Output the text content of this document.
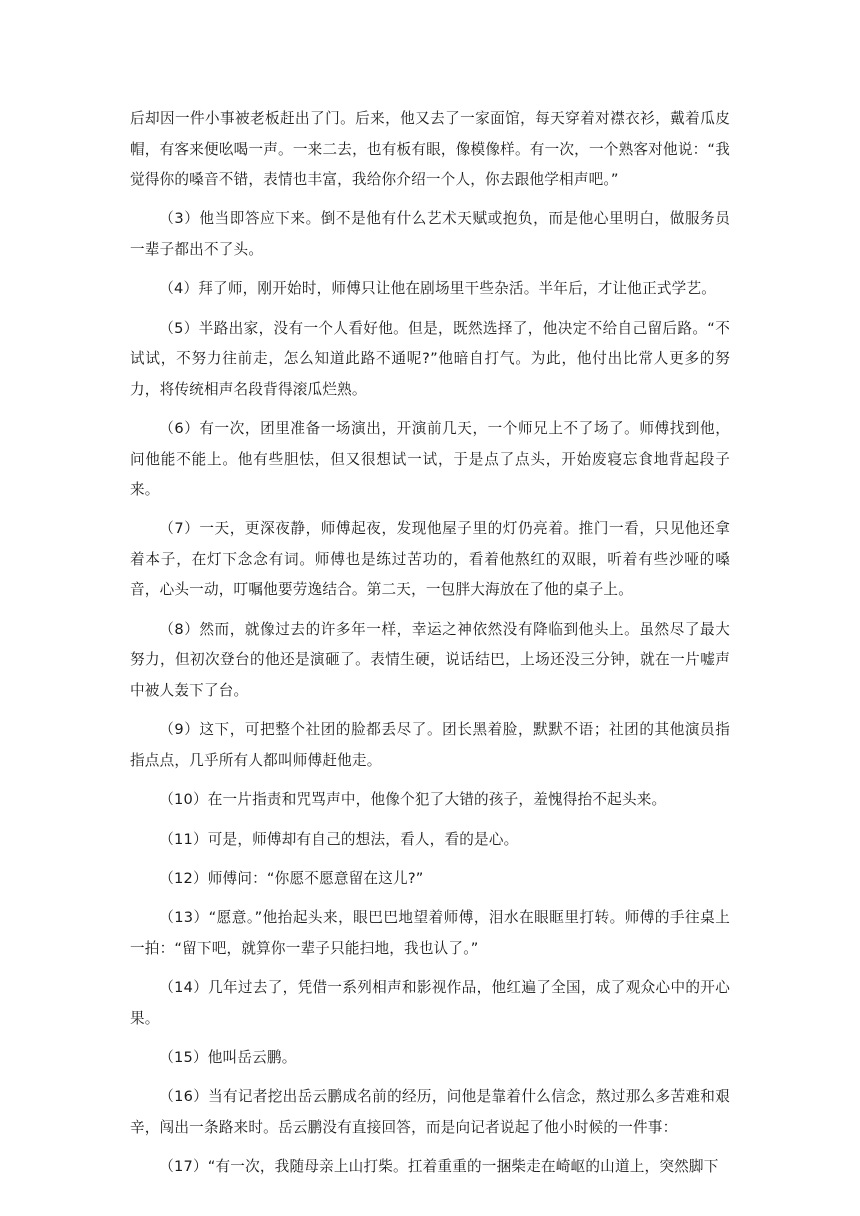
后却因一件小事被老板赶出了门。后来，他又去了一家面馆，每天穿着对襟衣衫，戴着瓜皮帽，有客来便吆喝一声。一来二去，也有板有眼，像模像样。有一次，一个熟客对他说：“我觉得你的嗓音不错，表情也丰富，我给你介绍一个人，你去跟他学相声吧。”

（3）他当即答应下来。倒不是他有什么艺术天赋或抱负，而是他心里明白，做服务员一辈子都出不了头。

（4）拜了师，刚开始时，师傅只让他在剧场里干些杂活。半年后，才让他正式学艺。

（5）半路出家，没有一个人看好他。但是，既然选择了，他决定不给自己留后路。“不试试，不努力往前走，怎么知道此路不通呢?”他暗自打气。为此，他付出比常人更多的努力，将传统相声名段背得滚瓜烂熟。

（6）有一次，团里准备一场演出，开演前几天，一个师兄上不了场了。师傅找到他，问他能不能上。他有些胆怯，但又很想试一试，于是点了点头，开始废寝忘食地背起段子来。

（7）一天，更深夜静，师傅起夜，发现他屋子里的灯仍亮着。推门一看，只见他还拿着本子，在灯下念念有词。师傅也是练过苦功的，看着他熬红的双眼，听着有些沙哑的嗓音，心头一动，叮嘱他要劳逸结合。第二天，一包胖大海放在了他的桌子上。

（8）然而，就像过去的许多年一样，幸运之神依然没有降临到他头上。虽然尽了最大努力，但初次登台的他还是演砸了。表情生硬，说话结巴，上场还没三分钟，就在一片嘘声中被人轰下了台。

（9）这下，可把整个社团的脸都丢尽了。团长黑着脸，默默不语；社团的其他演员指指点点，几乎所有人都叫师傅赶他走。

（10）在一片指责和咒骂声中，他像个犯了大错的孩子，羞愧得抬不起头来。

（11）可是，师傅却有自己的想法，看人，看的是心。

（12）师傅问：“你愿不愿意留在这儿?”

（13）“愿意。”他抬起头来，眼巴巴地望着师傅，泪水在眼眶里打转。师傅的手往桌上一拍：“留下吧，就算你一辈子只能扫地，我也认了。”

（14）几年过去了，凭借一系列相声和影视作品，他红遍了全国，成了观众心中的开心果。

（15）他叫岳云鹏。

（16）当有记者挖出岳云鹏成名前的经历，问他是靠着什么信念，熬过那么多苦难和艰辛，闯出一条路来时。岳云鹏没有直接回答，而是向记者说起了他小时候的一件事：

（17）“有一次，我随母亲上山打柴。扛着重重的一捆柴走在崎岖的山道上，突然脚下
